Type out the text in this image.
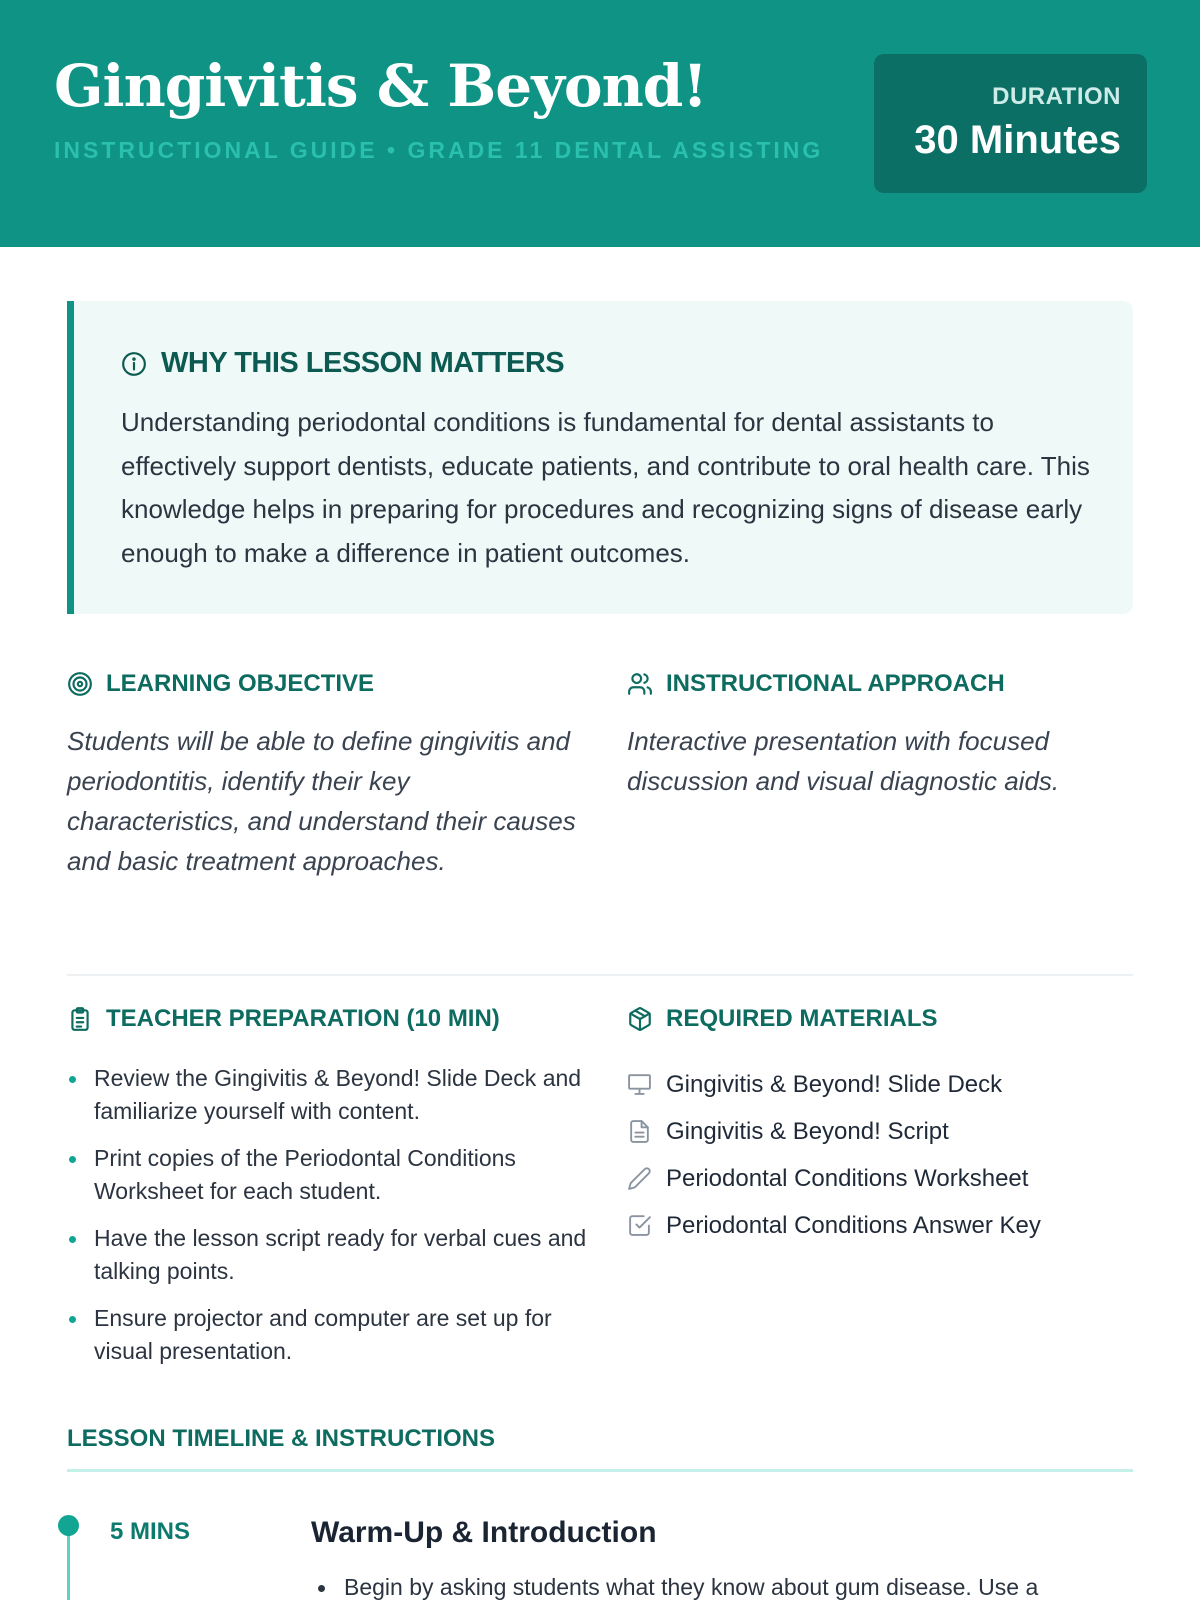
Gingivitis & Beyond!
INSTRUCTIONAL GUIDE • GRADE 11 DENTAL ASSISTING
DURATION
30 Minutes
WHY THIS LESSON MATTERS
Understanding periodontal conditions is fundamental for dental assistants to effectively support dentists, educate patients, and contribute to oral health care. This knowledge helps in preparing for procedures and recognizing signs of disease early enough to make a difference in patient outcomes.
LEARNING OBJECTIVE
Students will be able to define gingivitis and periodontitis, identify their key characteristics, and understand their causes and basic treatment approaches.
INSTRUCTIONAL APPROACH
Interactive presentation with focused discussion and visual diagnostic aids.
TEACHER PREPARATION (10 MIN)
Review the Gingivitis & Beyond! Slide Deck and familiarize yourself with content.
Print copies of the Periodontal Conditions Worksheet for each student.
Have the lesson script ready for verbal cues and talking points.
Ensure projector and computer are set up for visual presentation.
REQUIRED MATERIALS
Gingivitis & Beyond! Slide Deck
Gingivitis & Beyond! Script
Periodontal Conditions Worksheet
Periodontal Conditions Answer Key
LESSON TIMELINE & INSTRUCTIONS
5 MINS	Warm-Up & Introduction
Begin by asking students what they know about gum disease. Use a
